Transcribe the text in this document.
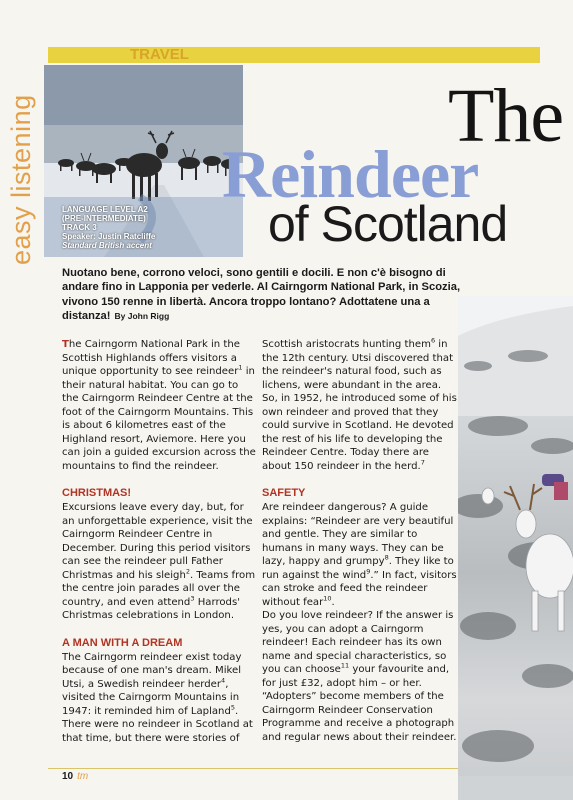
easy listening
TRAVEL
LANGUAGE LEVEL A2
(PRE-INTERMEDIATE)
TRACK 3
Speaker: Justin Ratcliffe
Standard British accent
The
Reindeer
of Scotland
Nuotano bene, corrono veloci, sono gentili e docili. E non c'è bisogno di andare fino in Lapponia per vederle. Al Cairngorm National Park, in Scozia, vivono 150 renne in libertà. Ancora troppo lontano? Adottatene una a distanza! By John Rigg

The Cairngorm National Park in the Scottish Highlands offers visitors a unique opportunity to see reindeer$^1$ in their natural habitat. You can go to the Cairngorm Reindeer Centre at the foot of the Cairngorm Mountains. This is about 6 kilometres east of the Highland resort, Aviemore. Here you can join a guided excursion across the mountains to find the reindeer.

CHRISTMAS!

Excursions leave every day, but, for an unforgettable experience, visit the Cairngorm Reindeer Centre in December. During this period visitors can see the reindeer pull Father Christmas and his sleigh$^2$. Teams from the centre join parades all over the country, and even attend$^3$ Harrods' Christmas celebrations in London.

A MAN WITH A DREAM

The Cairngorm reindeer exist today because of one man's dream. Mikel Utsi, a Swedish reindeer herder$^4$, visited the Cairngorm Mountains in 1947: it reminded him of Lapland$^5$. There were no reindeer in Scotland at that time, but there were stories of

Scottish aristocrats hunting them$^6$ in the 12th century. Utsi discovered that the reindeer's natural food, such as lichens, were abundant in the area. So, in 1952, he introduced some of his own reindeer and proved that they could survive in Scotland. He devoted the rest of his life to developing the Reindeer Centre. Today there are about 150 reindeer in the herd.$^7$

SAFETY

Are reindeer dangerous? A guide explains: “Reindeer are very beautiful and gentle. They are similar to humans in many ways. They can be lazy, happy and grumpy$^8$. They like to run against the wind$^9$.” In fact, visitors can stroke and feed the reindeer without fear$^{10}$.

Do you love reindeer? If the answer is yes, you can adopt a Cairngorm reindeer! Each reindeer has its own name and special characteristics, so you can choose$^{11}$ your favourite and, for just £32, adopt him – or her. “Adopters” become members of the Cairngorm Reindeer Conservation Programme and receive a photograph and regular news about their reindeer.

10 tm
